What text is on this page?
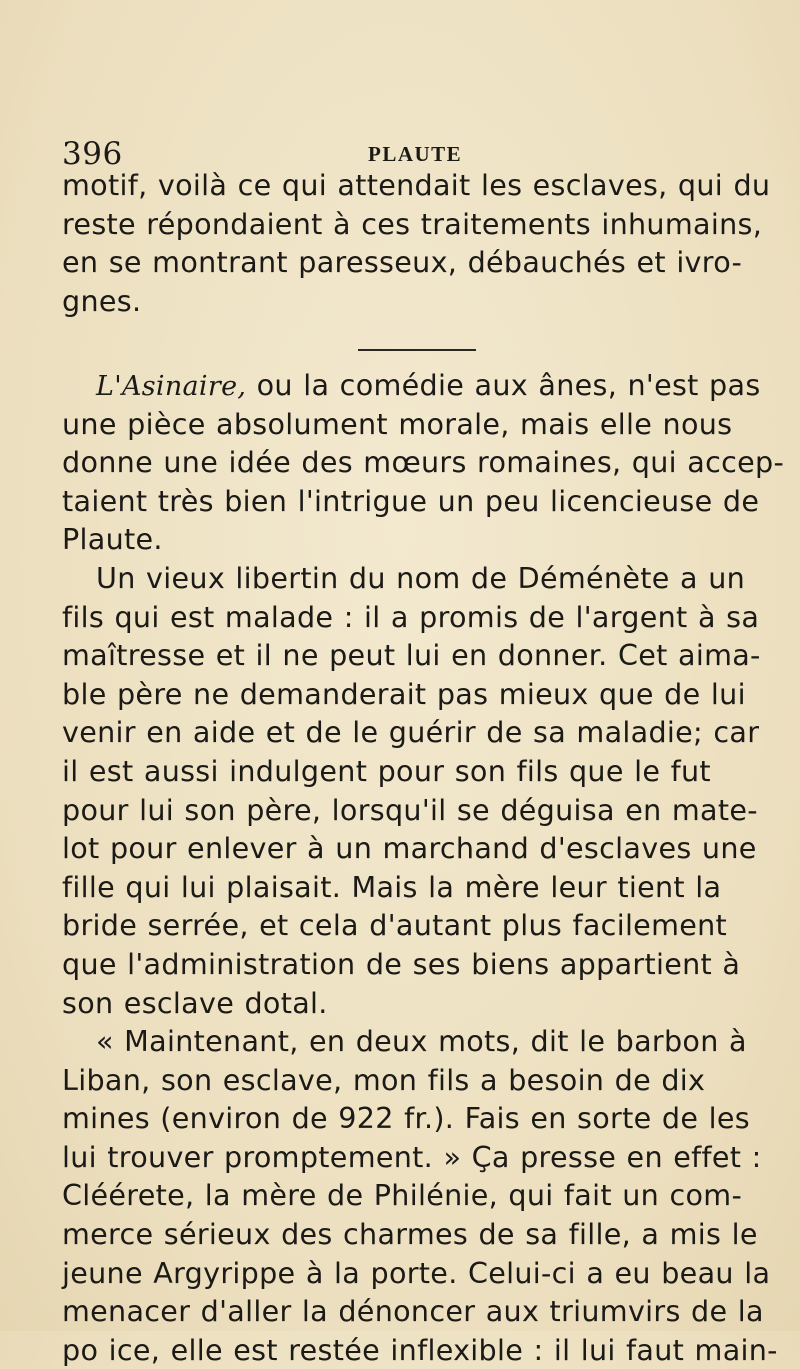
396	PLAUTE
motif, voilà ce qui attendait les esclaves, qui du
reste répondaient à ces traitements inhumains,
en se montrant paresseux, débauchés et ivro-
gnes.
L'Asinaire, ou la comédie aux ânes, n'est pas
une pièce absolument morale, mais elle nous
donne une idée des mœurs romaines, qui accep-
taient très bien l'intrigue un peu licencieuse de
Plaute.
Un vieux libertin du nom de Déménète a un
fils qui est malade : il a promis de l'argent à sa
maîtresse et il ne peut lui en donner. Cet aima-
ble père ne demanderait pas mieux que de lui
venir en aide et de le guérir de sa maladie; car
il est aussi indulgent pour son fils que le fut
pour lui son père, lorsqu'il se déguisa en mate-
lot pour enlever à un marchand d'esclaves une
fille qui lui plaisait. Mais la mère leur tient la
bride serrée, et cela d'autant plus facilement
que l'administration de ses biens appartient à
son esclave dotal.
« Maintenant, en deux mots, dit le barbon à
Liban, son esclave, mon fils a besoin de dix
mines (environ de 922 fr.). Fais en sorte de les
lui trouver promptement. » Ça presse en effet :
Cléérete, la mère de Philénie, qui fait un com-
merce sérieux des charmes de sa fille, a mis le
jeune Argyrippe à la porte. Celui-ci a eu beau la
menacer d'aller la dénoncer aux triumvirs de la
po ice, elle est restée inflexible : il lui faut main-
